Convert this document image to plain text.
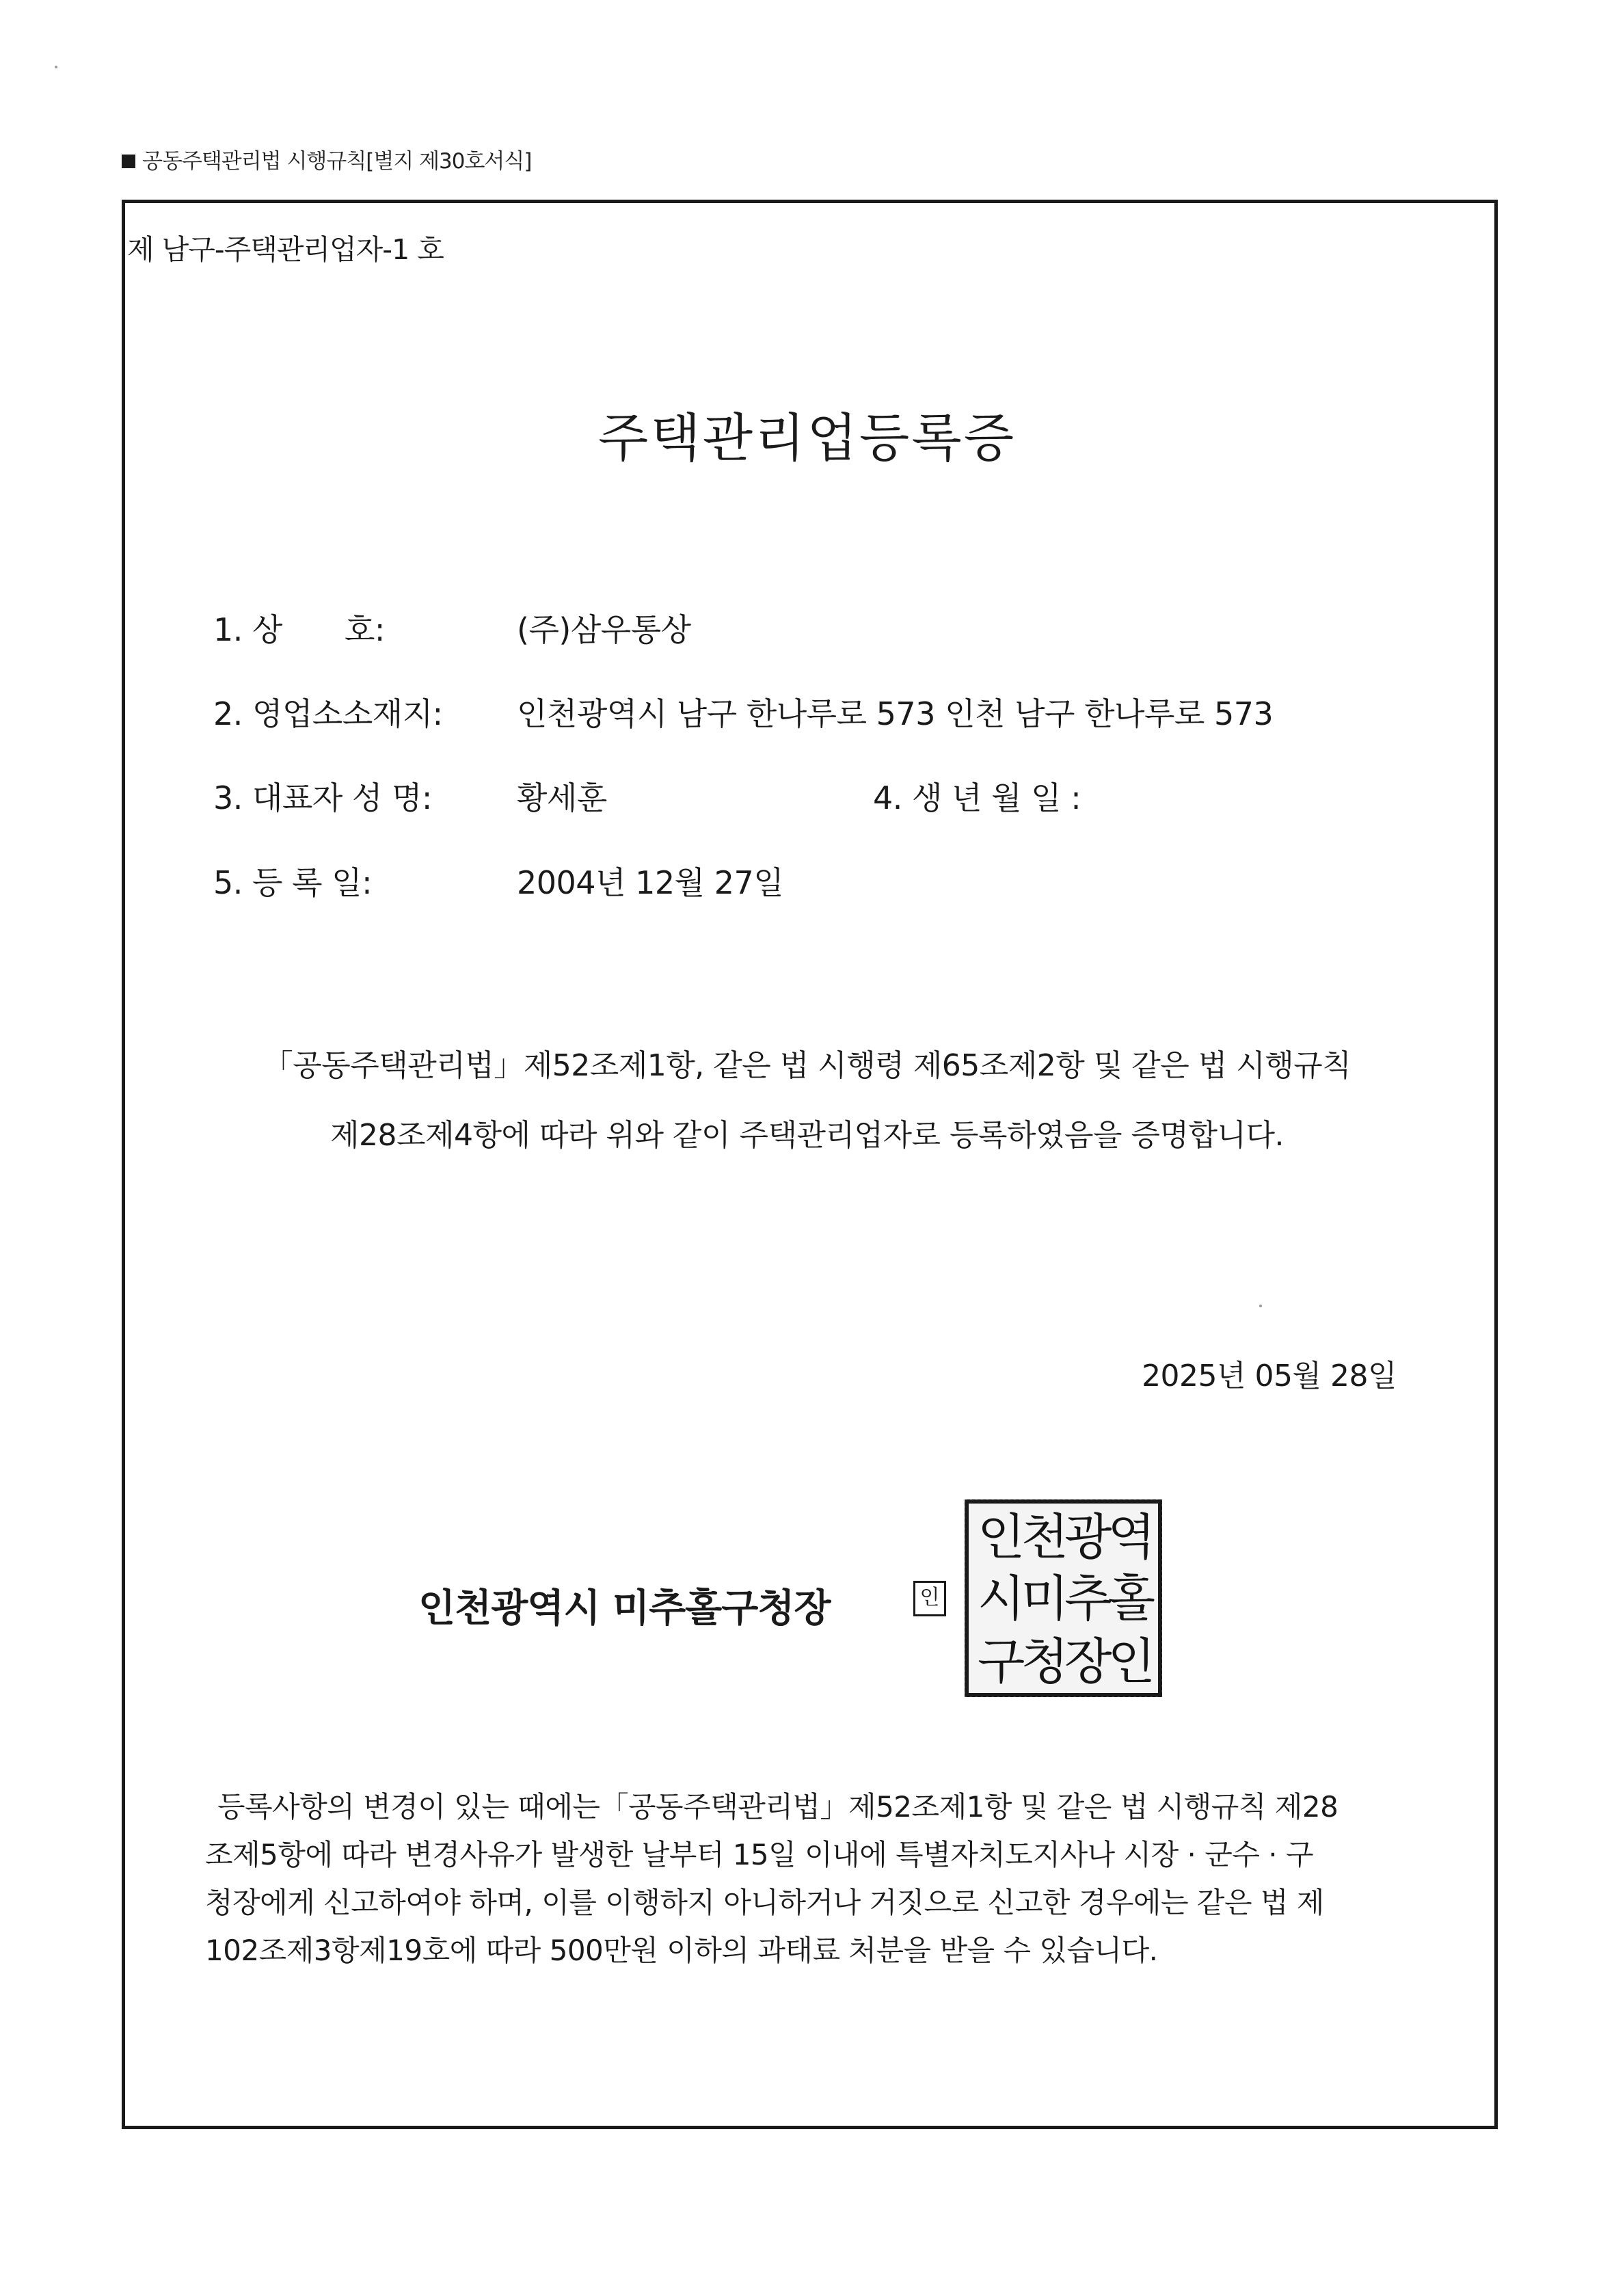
공동주택관리법 시행규칙[별지 제30호서식]
제 남구-주택관리업자-1 호
주택관리업등록증
1. 상　　호:	(주)삼우통상
2. 영업소소재지: 인천광역시 남구 한나루로 573 인천 남구 한나루로 573
3. 대표자 성 명:	황세훈	4. 생 년 월 일 :
5. 등 록 일:	2004년 12월 27일

「공동주택관리법」제52조제1항, 같은 법 시행령 제65조제2항 및 같은 법 시행규칙

제28조제4항에 따라 위와 같이 주택관리업자로 등록하였음을 증명합니다.

2025년 05월 28일
인천광역시 미추홀구청장	인
인천광역
시미추홀
구청장인

등록사항의 변경이 있는 때에는「공동주택관리법」제52조제1항 및 같은 법 시행규칙 제28

조제5항에 따라 변경사유가 발생한 날부터 15일 이내에 특별자치도지사나 시장 · 군수 · 구

청장에게 신고하여야 하며, 이를 이행하지 아니하거나 거짓으로 신고한 경우에는 같은 법 제

102조제3항제19호에 따라 500만원 이하의 과태료 처분을 받을 수 있습니다.
